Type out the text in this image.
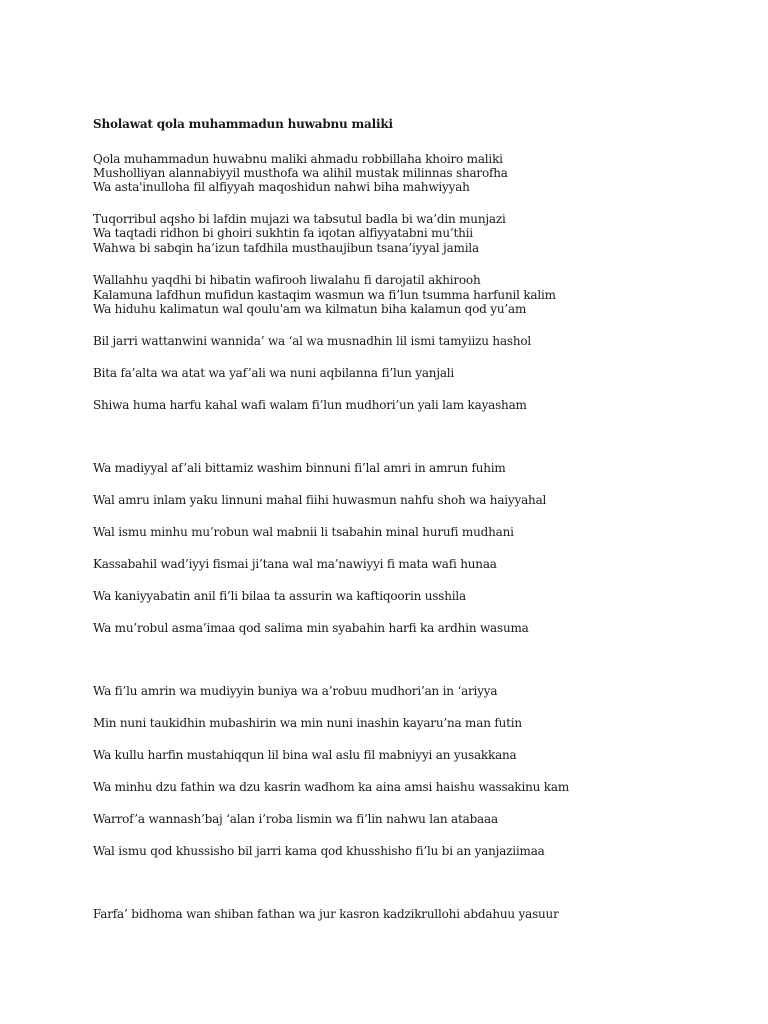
Sholawat qola muhammadun huwabnu maliki
Qola muhammadun huwabnu maliki ahmadu robbillaha khoiro maliki
Musholliyan alannabiyyil musthofa wa alihil mustak milinnas sharofha
Wa asta'inulloha fil alfiyyah maqoshidun nahwi biha mahwiyyah
Tuqorribul aqsho bi lafdin mujazi wa tabsutul badla bi wa’din munjazi
Wa taqtadi ridhon bi ghoiri sukhtin fa iqotan alfiyyatabni mu’thii
Wahwa bi sabqin ha’izun tafdhila musthaujibun tsana’iyyal jamila
Wallahhu yaqdhi bi hibatin wafirooh liwalahu fi darojatil akhirooh
Kalamuna lafdhun mufidun kastaqim wasmun wa fi’lun tsumma harfunil kalim
Wa hiduhu kalimatun wal qoulu'am wa kilmatun biha kalamun qod yu’am
Bil jarri wattanwini wannida’ wa ‘al wa musnadhin lil ismi tamyiizu hashol
Bita fa’alta wa atat wa yaf’ali wa nuni aqbilanna fi’lun yanjali
Shiwa huma harfu kahal wafi walam fi’lun mudhori’un yali lam kayasham
Wa madiyyal af’ali bittamiz washim binnuni fi’lal amri in amrun fuhim
Wal amru inlam yaku linnuni mahal fiihi huwasmun nahfu shoh wa haiyyahal
Wal ismu minhu mu’robun wal mabnii li tsabahin minal hurufi mudhani
Kassabahil wad’iyyi fismai ji’tana wal ma’nawiyyi fi mata wafi hunaa
Wa kaniyyabatin anil fi’li bilaa ta assurin wa kaftiqoorin usshila
Wa mu’robul asma’imaa qod salima min syabahin harfi ka ardhin wasuma
Wa fi’lu amrin wa mudiyyin buniya wa a’robuu mudhori’an in ‘ariyya
Min nuni taukidhin mubashirin wa min nuni inashin kayaru’na man futin
Wa kullu harfin mustahiqqun lil bina wal aslu fil mabniyyi an yusakkana
Wa minhu dzu fathin wa dzu kasrin wadhom ka aina amsi haishu wassakinu kam
Warrof’a wannash’baj ‘alan i’roba lismin wa fi’lin nahwu lan atabaaa
Wal ismu qod khussisho bil jarri kama qod khusshisho fi’lu bi an yanjaziimaa
Farfa’ bidhoma wan shiban fathan wa jur kasron kadzikrullohi abdahuu yasuur
